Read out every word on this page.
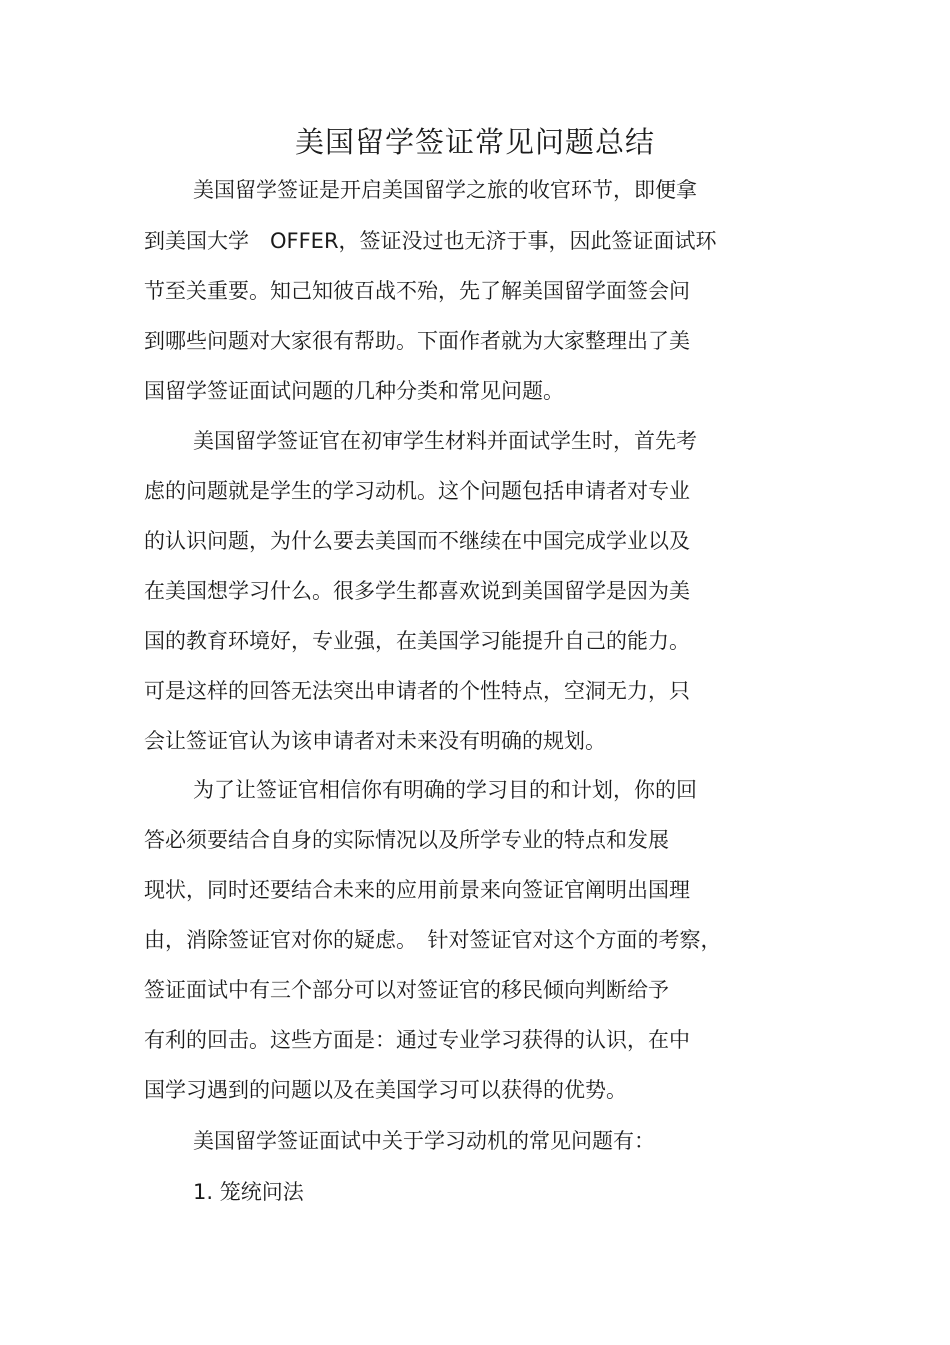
美国留学签证常见问题总结

美国留学签证是开启美国留学之旅的收官环节，即便拿

到美国大学　OFFER，签证没过也无济于事，因此签证面试环

节至关重要。知己知彼百战不殆，先了解美国留学面签会问

到哪些问题对大家很有帮助。下面作者就为大家整理出了美

国留学签证面试问题的几种分类和常见问题。

美国留学签证官在初审学生材料并面试学生时，首先考

虑的问题就是学生的学习动机。这个问题包括申请者对专业

的认识问题，为什么要去美国而不继续在中国完成学业以及

在美国想学习什么。很多学生都喜欢说到美国留学是因为美

国的教育环境好，专业强，在美国学习能提升自己的能力。

可是这样的回答无法突出申请者的个性特点，空洞无力，只

会让签证官认为该申请者对未来没有明确的规划。

为了让签证官相信你有明确的学习目的和计划，你的回

答必须要结合自身的实际情况以及所学专业的特点和发展

现状，同时还要结合未来的应用前景来向签证官阐明出国理

由，消除签证官对你的疑虑。　针对签证官对这个方面的考察，

签证面试中有三个部分可以对签证官的移民倾向判断给予

有利的回击。这些方面是：通过专业学习获得的认识，在中

国学习遇到的问题以及在美国学习可以获得的优势。

美国留学签证面试中关于学习动机的常见问题有：

1. 笼统问法
